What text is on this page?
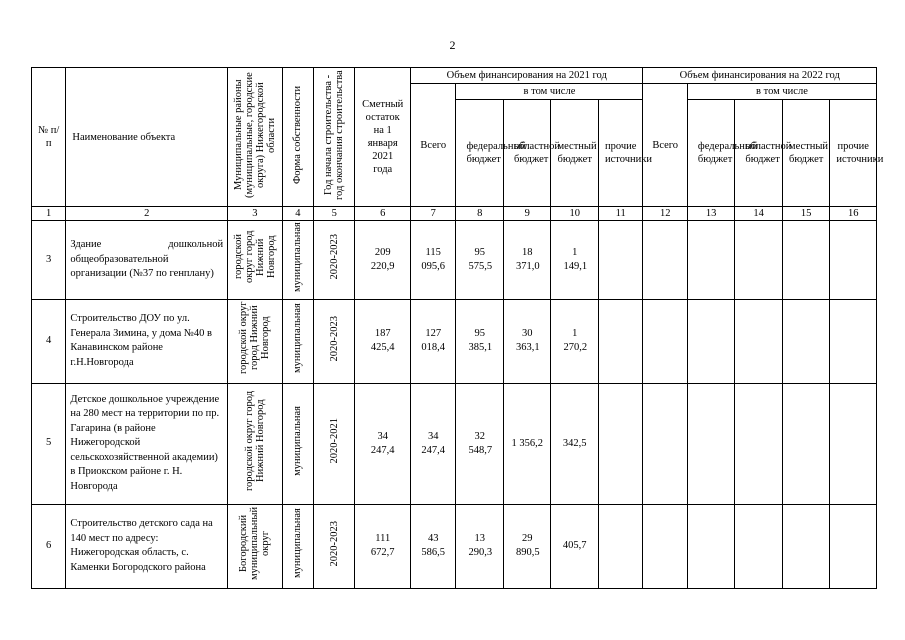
2
№ п/п	Наименование объекта	Муниципальные районы (муниципальные, городские округа) Нижегородской области	Форма собственности	Год начала строительства - год окончания строительства	Сметный остаток на 1 января 2021 года	Объем финансирования на 2021 год					Объем финансирования на 2022 год				
						Всего	в том числе				Всего	в том числе			
							федеральный бюджет	областной бюджет	местный бюджет	прочие источники		федеральный бюджет	областной бюджет	местный бюджет	прочие источники
1	2	3	4	5	6	7	8	9	10	11	12	13	14	15	16
3	Здание дошкольной общеобразовательной организации (№37 по генплану)	городской округ город Нижний Новгород	муниципальная	2020-2023	209 220,9	115 095,6	95 575,5	18 371,0	1 149,1						
4	Строительство ДОУ по ул. Генерала Зимина, у дома №40 в Канавинском районе г.Н.Новгорода	городской округ город Нижний Новгород	муниципальная	2020-2023	187 425,4	127 018,4	95 385,1	30 363,1	1 270,2						
5	Детское дошкольное учреждение на 280 мест на территории по пр. Гагарина (в районе Нижегородской сельскохозяйственной академии) в Приокском районе г. Н. Новгорода	городской округ город Нижний Новгород	муниципальная	2020-2021	34 247,4	34 247,4	32 548,7	1 356,2	342,5						
6	Строительство детского сада на 140 мест по адресу: Нижегородская область, с. Каменки Богородского района	Богородский муниципальный округ	муниципальная	2020-2023	111 672,7	43 586,5	13 290,3	29 890,5	405,7						
